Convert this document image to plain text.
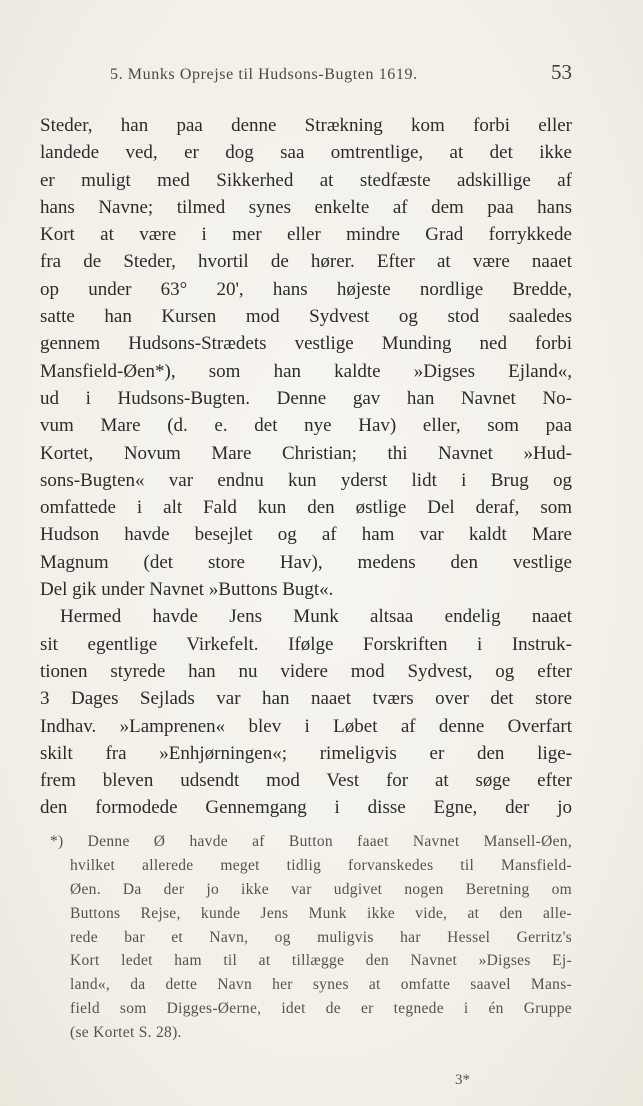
5. Munks Oprejse til Hudsons-Bugten 1619.	53
Steder, han paa denne Strækning kom forbi eller
landede ved, er dog saa omtrentlige, at det ikke
er muligt med Sikkerhed at stedfæste adskillige af
hans Navne; tilmed synes enkelte af dem paa hans
Kort at være i mer eller mindre Grad forrykkede
fra de Steder, hvortil de hører. Efter at være naaet
op under 63° 20', hans højeste nordlige Bredde,
satte han Kursen mod Sydvest og stod saaledes
gennem Hudsons-Strædets vestlige Munding ned forbi
Mansfield-Øen*), som han kaldte »Digses Ejland«,
ud i Hudsons-Bugten. Denne gav han Navnet No-
vum Mare (d. e. det nye Hav) eller, som paa
Kortet, Novum Mare Christian; thi Navnet »Hud-
sons-Bugten« var endnu kun yderst lidt i Brug og
omfattede i alt Fald kun den østlige Del deraf, som
Hudson havde besejlet og af ham var kaldt Mare
Magnum (det store Hav), medens den vestlige
Del gik under Navnet »Buttons Bugt«.
Hermed havde Jens Munk altsaa endelig naaet
sit egentlige Virkefelt. Ifølge Forskriften i Instruk-
tionen styrede han nu videre mod Sydvest, og efter
3 Dages Sejlads var han naaet tværs over det store
Indhav. »Lamprenen« blev i Løbet af denne Overfart
skilt fra »Enhjørningen«; rimeligvis er den lige-
frem bleven udsendt mod Vest for at søge efter
den formodede Gennemgang i disse Egne, der jo
*) Denne Ø havde af Button faaet Navnet Mansell-Øen,
hvilket allerede meget tidlig forvanskedes til Mansfield-
Øen. Da der jo ikke var udgivet nogen Beretning om
Buttons Rejse, kunde Jens Munk ikke vide, at den alle-
rede bar et Navn, og muligvis har Hessel Gerritz's
Kort ledet ham til at tillægge den Navnet »Digses Ej-
land«, da dette Navn her synes at omfatte saavel Mans-
field som Digges-Øerne, idet de er tegnede i én Gruppe
(se Kortet S. 28).
3*
